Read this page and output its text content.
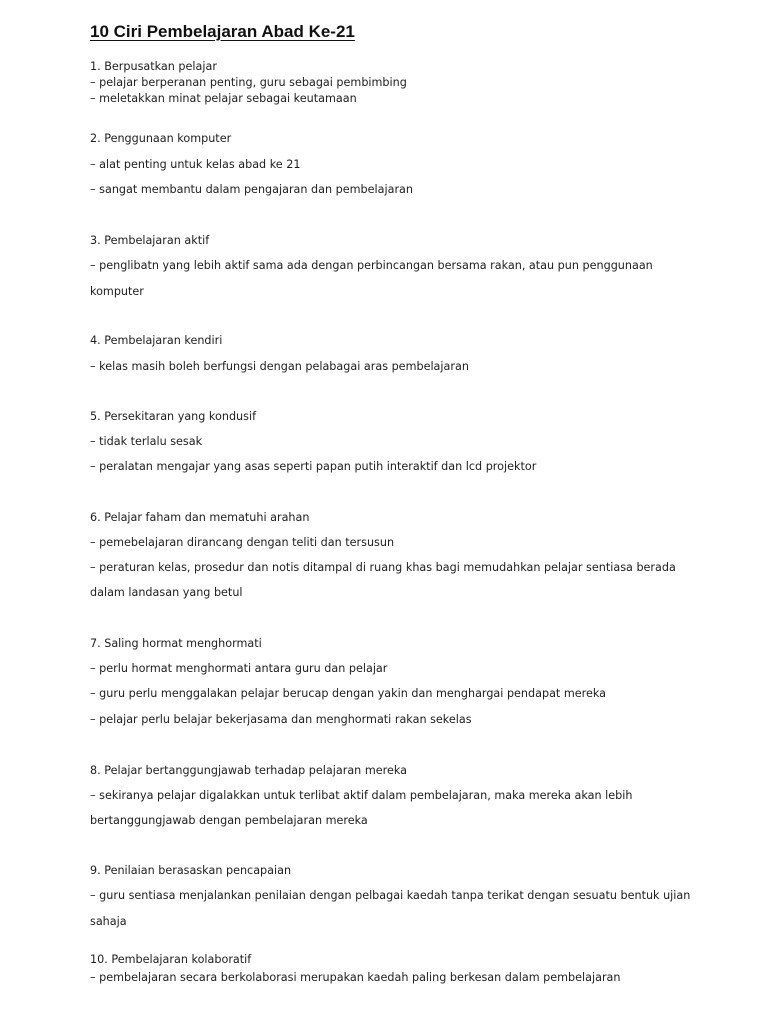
10 Ciri Pembelajaran Abad Ke-21
1. Berpusatkan pelajar
– pelajar berperanan penting, guru sebagai pembimbing
– meletakkan minat pelajar sebagai keutamaan
2. Penggunaan komputer
– alat penting untuk kelas abad ke 21
– sangat membantu dalam pengajaran dan pembelajaran
3. Pembelajaran aktif
– penglibatn yang lebih aktif sama ada dengan perbincangan bersama rakan, atau pun penggunaan
komputer
4. Pembelajaran kendiri
– kelas masih boleh berfungsi dengan pelabagai aras pembelajaran
5. Persekitaran yang kondusif
– tidak terlalu sesak
– peralatan mengajar yang asas seperti papan putih interaktif dan lcd projektor
6. Pelajar faham dan mematuhi arahan
– pemebelajaran dirancang dengan teliti dan tersusun
– peraturan kelas, prosedur dan notis ditampal di ruang khas bagi memudahkan pelajar sentiasa berada
dalam landasan yang betul
7. Saling hormat menghormati
– perlu hormat menghormati antara guru dan pelajar
– guru perlu menggalakan pelajar berucap dengan yakin dan menghargai pendapat mereka
– pelajar perlu belajar bekerjasama dan menghormati rakan sekelas
8. Pelajar bertanggungjawab terhadap pelajaran mereka
– sekiranya pelajar digalakkan untuk terlibat aktif dalam pembelajaran, maka mereka akan lebih
bertanggungjawab dengan pembelajaran mereka
9. Penilaian berasaskan pencapaian
– guru sentiasa menjalankan penilaian dengan pelbagai kaedah tanpa terikat dengan sesuatu bentuk ujian
sahaja
10. Pembelajaran kolaboratif
– pembelajaran secara berkolaborasi merupakan kaedah paling berkesan dalam pembelajaran
